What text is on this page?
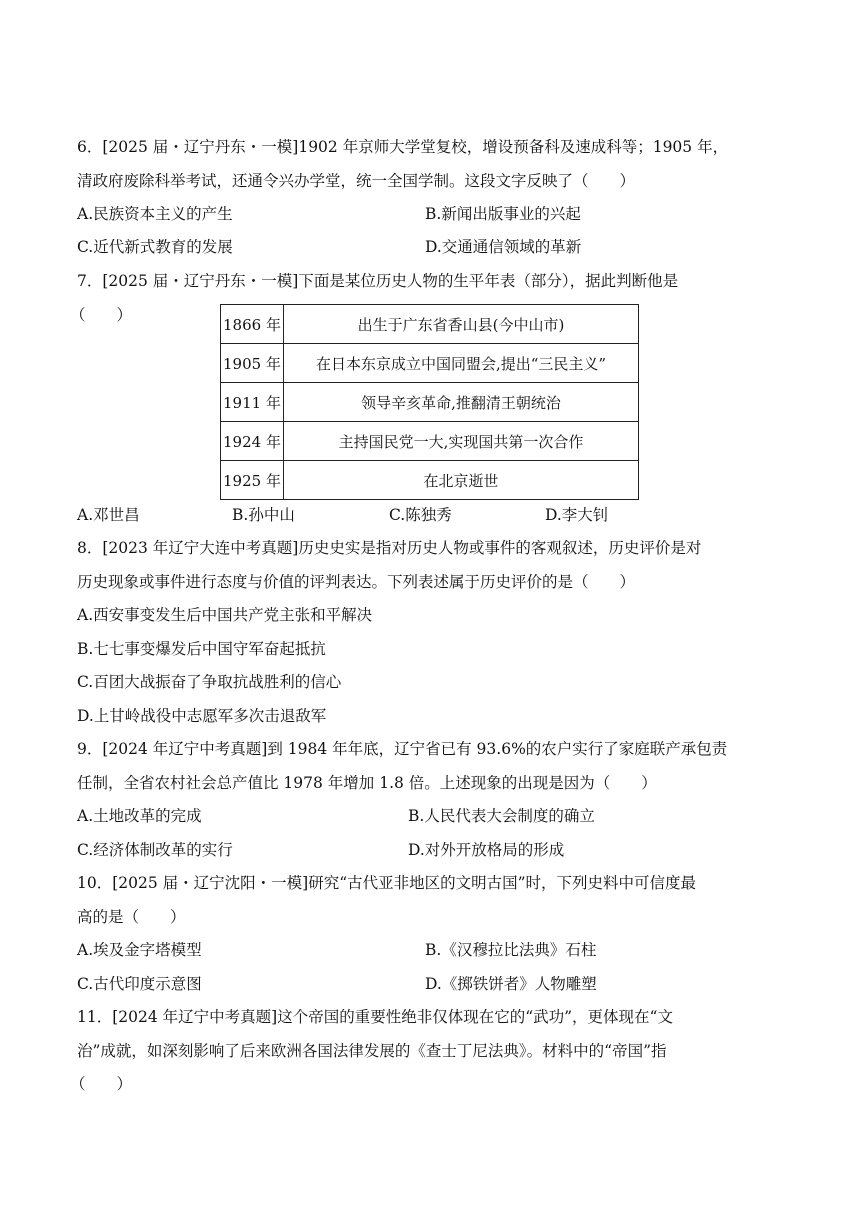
6．[2025 届・辽宁丹东・一模]1902 年京师大学堂复校，增设预备科及速成科等；1905 年，
清政府废除科举考试，还通令兴办学堂，统一全国学制。这段文字反映了（　　）
A.民族资本主义的产生	B.新闻出版事业的兴起
C.近代新式教育的发展	D.交通通信领域的革新
7．[2025 届・辽宁丹东・一模]下面是某位历史人物的生平年表（部分），据此判断他是
（　　）
1866 年	出生于广东省香山县(今中山市)
1905 年	在日本东京成立中国同盟会,提出“三民主义”
1911 年	领导辛亥革命,推翻清王朝统治
1924 年	主持国民党一大,实现国共第一次合作
1925 年	在北京逝世
A.邓世昌	B.孙中山	C.陈独秀	D.李大钊
8．[2023 年辽宁大连中考真题]历史史实是指对历史人物或事件的客观叙述，历史评价是对
历史现象或事件进行态度与价值的评判表达。下列表述属于历史评价的是（　　）
A.西安事变发生后中国共产党主张和平解决
B.七七事变爆发后中国守军奋起抵抗
C.百团大战振奋了争取抗战胜利的信心
D.上甘岭战役中志愿军多次击退敌军
9．[2024 年辽宁中考真题]到 1984 年年底，辽宁省已有 93.6%的农户实行了家庭联产承包责
任制，全省农村社会总产值比 1978 年增加 1.8 倍。上述现象的出现是因为（　　）
A.土地改革的完成	B.人民代表大会制度的确立
C.经济体制改革的实行	D.对外开放格局的形成
10．[2025 届・辽宁沈阳・一模]研究“古代亚非地区的文明古国”时，下列史料中可信度最
高的是（　　）
A.埃及金字塔模型	B.《汉穆拉比法典》石柱
C.古代印度示意图	D.《掷铁饼者》人物雕塑
11．[2024 年辽宁中考真题]这个帝国的重要性绝非仅体现在它的“武功”，更体现在“文
治”成就，如深刻影响了后来欧洲各国法律发展的《查士丁尼法典》。材料中的“帝国”指
（　　）
